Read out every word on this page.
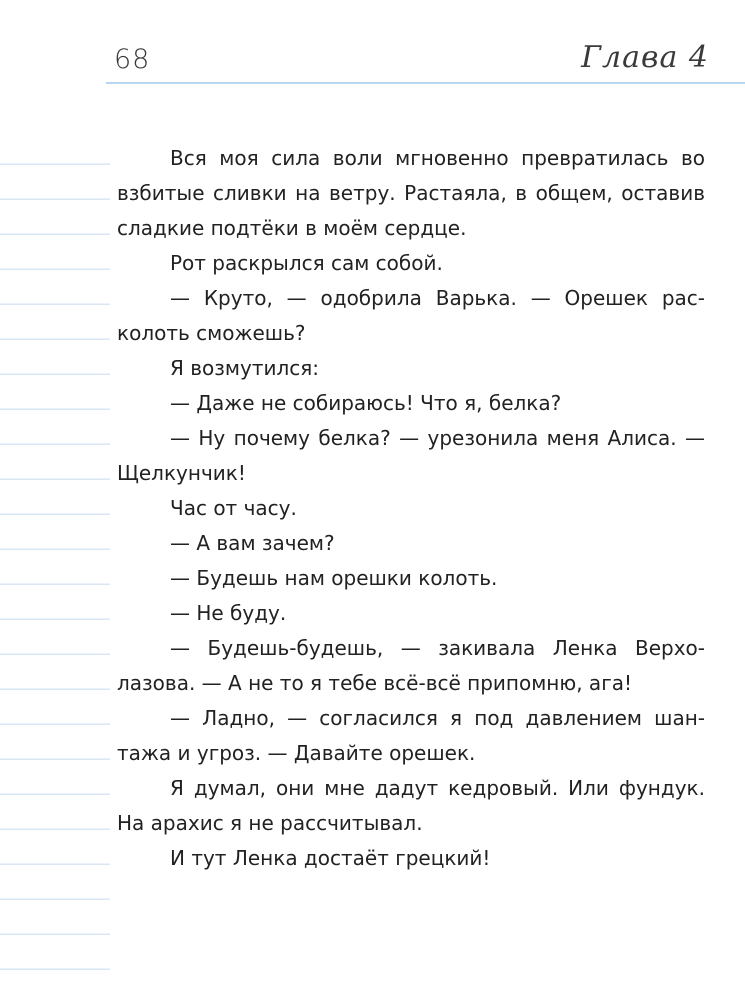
68	Глава 4

Вся моя сила воли мгновенно превратилась во взбитые сливки на ветру. Растаяла, в общем, оставив сладкие подтёки в моём сердце.

Рот раскрылся сам собой.

— Круто, — одобрила Варька. — Орешек расколоть сможешь?

Я возмутился:

— Даже не собираюсь! Что я, белка?

— Ну почему белка? — урезонила меня Алиса. — Щелкунчик!

Час от часу.

— А вам зачем?

— Будешь нам орешки колоть.

— Не буду.

— Будешь-будешь, — закивала Ленка Верхолазова. — А не то я тебе всё-всё припомню, ага!

— Ладно, — согласился я под давлением шантажа и угроз. — Давайте орешек.

Я думал, они мне дадут кедровый. Или фундук. На арахис я не рассчитывал.

И тут Ленка достаёт грецкий!
